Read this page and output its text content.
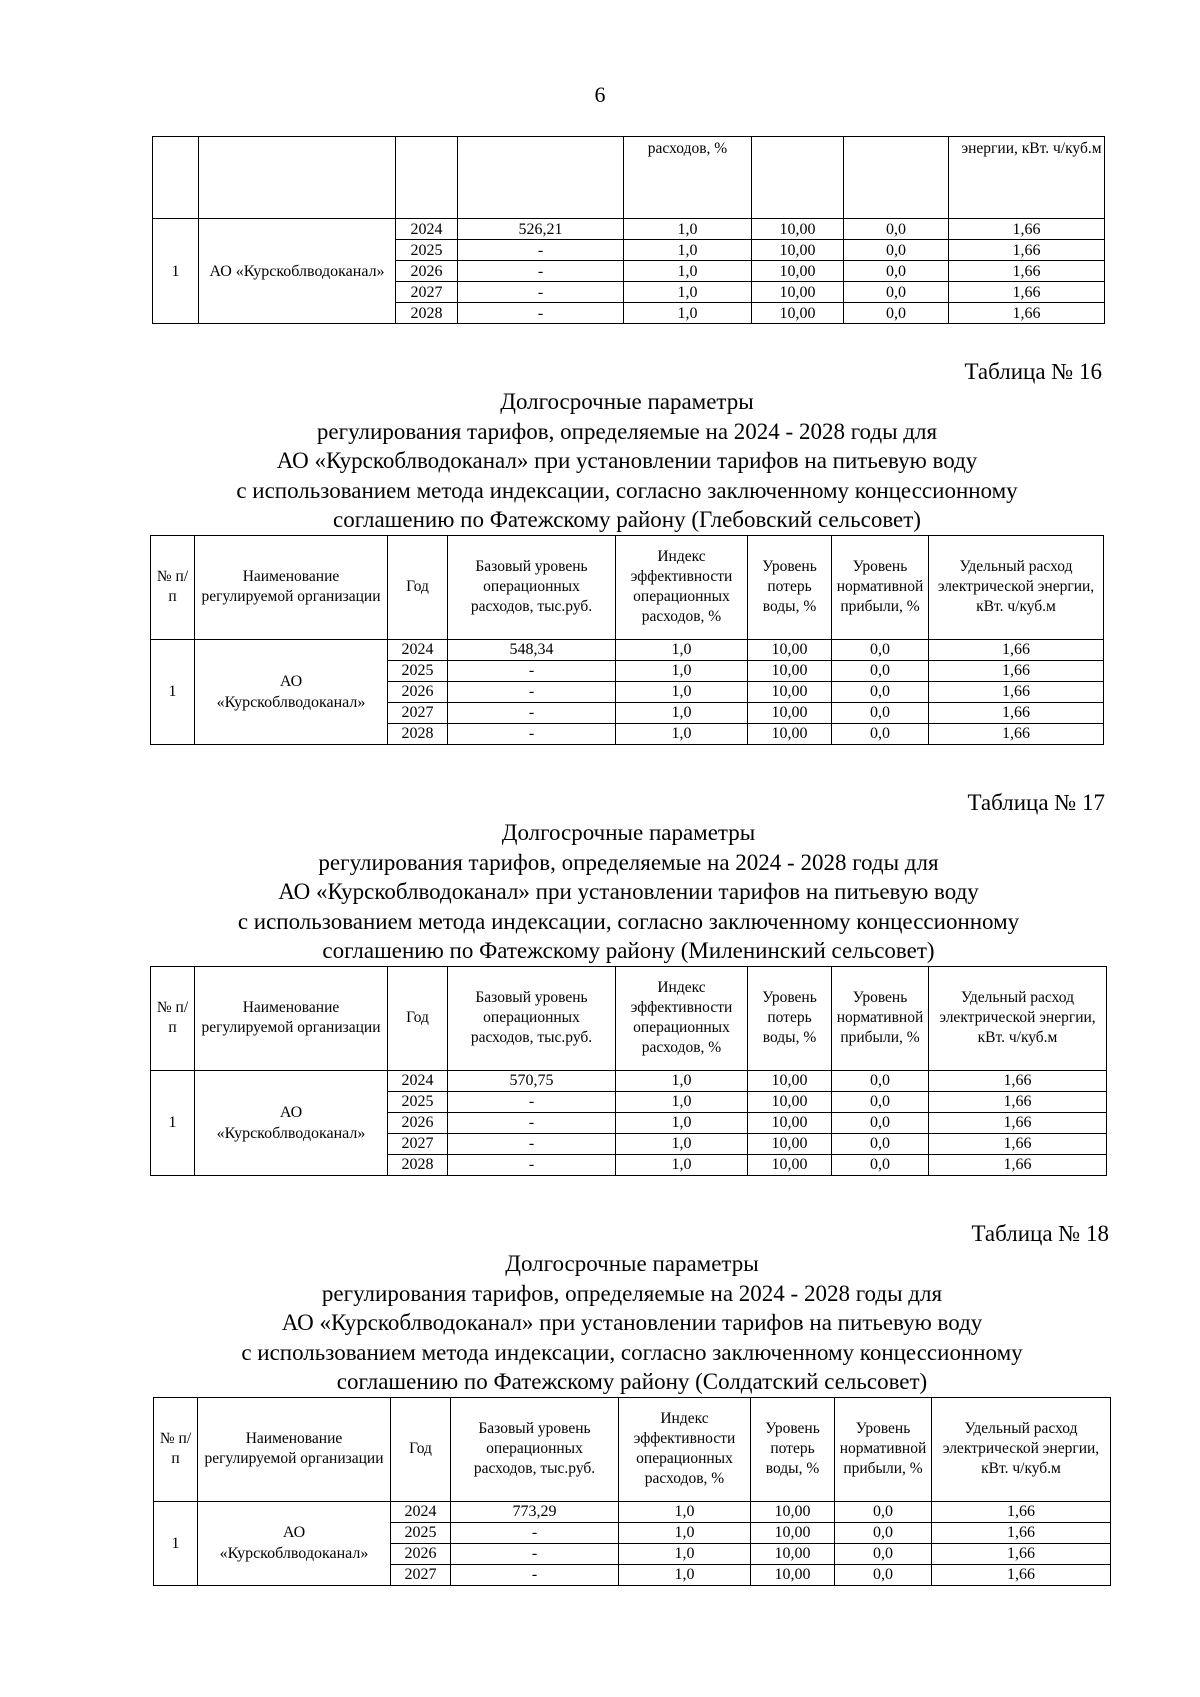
6
				расходов, %			энергии, кВт. ч/куб.м
1	АО «Курскоблводоканал»	2024	526,21	1,0	10,00	0,0	1,66
		2025	-	1,0	10,00	0,0	1,66
		2026	-	1,0	10,00	0,0	1,66
		2027	-	1,0	10,00	0,0	1,66
		2028	-	1,0	10,00	0,0	1,66
Таблица № 16
Долгосрочные параметры
регулирования тарифов, определяемые на 2024 - 2028 годы для
АО «Курскоблводоканал» при установлении тарифов на питьевую воду
с использованием метода индексации, согласно заключенному концессионному
соглашению по Фатежскому району (Глебовский сельсовет)
№ п/п	Наименование регулируемой организации	Год	Базовый уровень операционных расходов, тыс.руб.	Индекс эффективности операционных расходов, %	Уровень потерь воды, %	Уровень нормативной прибыли, %	Удельный расход электрической энергии, кВт. ч/куб.м
1	АО «Курскоблводоканал»	2024	548,34	1,0	10,00	0,0	1,66
		2025	-	1,0	10,00	0,0	1,66
		2026	-	1,0	10,00	0,0	1,66
		2027	-	1,0	10,00	0,0	1,66
		2028	-	1,0	10,00	0,0	1,66
Таблица № 17
Долгосрочные параметры
регулирования тарифов, определяемые на 2024 - 2028 годы для
АО «Курскоблводоканал» при установлении тарифов на питьевую воду
с использованием метода индексации, согласно заключенному концессионному
соглашению по Фатежскому району (Миленинский сельсовет)
№ п/п	Наименование регулируемой организации	Год	Базовый уровень операционных расходов, тыс.руб.	Индекс эффективности операционных расходов, %	Уровень потерь воды, %	Уровень нормативной прибыли, %	Удельный расход электрической энергии, кВт. ч/куб.м
1	АО «Курскоблводоканал»	2024	570,75	1,0	10,00	0,0	1,66
		2025	-	1,0	10,00	0,0	1,66
		2026	-	1,0	10,00	0,0	1,66
		2027	-	1,0	10,00	0,0	1,66
		2028	-	1,0	10,00	0,0	1,66
Таблица № 18
Долгосрочные параметры
регулирования тарифов, определяемые на 2024 - 2028 годы для
АО «Курскоблводоканал» при установлении тарифов на питьевую воду
с использованием метода индексации, согласно заключенному концессионному
соглашению по Фатежскому району (Солдатский сельсовет)
№ п/п	Наименование регулируемой организации	Год	Базовый уровень операционных расходов, тыс.руб.	Индекс эффективности операционных расходов, %	Уровень потерь воды, %	Уровень нормативной прибыли, %	Удельный расход электрической энергии, кВт. ч/куб.м
1	АО «Курскоблводоканал»	2024	773,29	1,0	10,00	0,0	1,66
		2025	-	1,0	10,00	0,0	1,66
		2026	-	1,0	10,00	0,0	1,66
		2027	-	1,0	10,00	0,0	1,66
